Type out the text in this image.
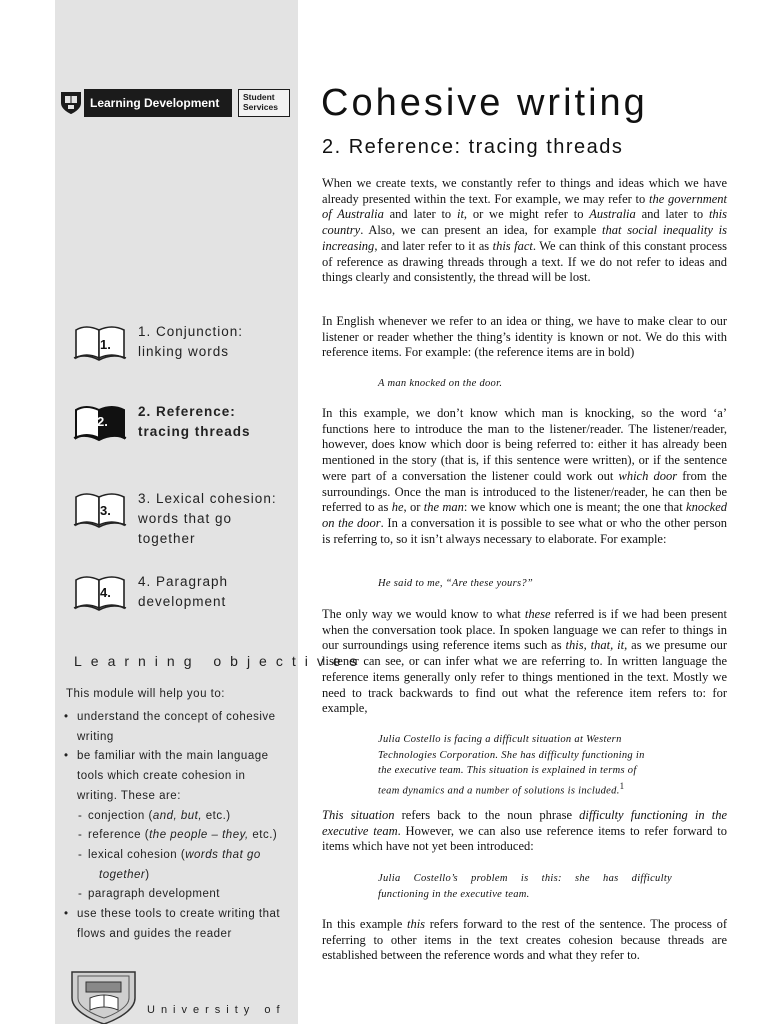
Learning Development	Student
Services
1.
1. Conjunction:
linking words
2.
2. Reference:
tracing threads
3.
3. Lexical cohesion:
words that go
together
4.
4. Paragraph
development
Learning objectives
This module will help you to:
• understand the concept of cohesive
writing
• be familiar with the main language
tools which create cohesion in
writing. These are:
- conjection (and, but, etc.)
- reference (the people – they, etc.)
- lexical cohesion (words that go
together)
- paragraph development
• use these tools to create writing that
flows and guides the reader
University of
Cohesive writing
2. Reference: tracing threads

When we create texts, we constantly refer to things and ideas which we have already presented within the text. For example, we may refer to the government of Australia and later to it, or we might refer to Australia and later to this country. Also, we can present an idea, for example that social inequality is increasing, and later refer to it as this fact. We can think of this constant process of reference as drawing threads through a text. If we do not refer to ideas and things clearly and consistently, the thread will be lost.

In English whenever we refer to an idea or thing, we have to make clear to our listener or reader whether the thing’s identity is known or not. We do this with reference items. For example: (the reference items are in bold)

A man knocked on the door.

In this example, we don’t know which man is knocking, so the word ‘a’ functions here to introduce the man to the listener/reader. The listener/reader, however, does know which door is being referred to: either it has already been mentioned in the story (that is, if this sentence were written), or if the sentence were part of a conversation the listener could work out which door from the surroundings. Once the man is introduced to the listener/reader, he can then be referred to as he, or the man: we know which one is meant; the one that knocked on the door. In a conversation it is possible to see what or who the other person is referring to, so it isn’t always necessary to elaborate. For example:

He said to me, “Are these yours?”

The only way we would know to what these referred is if we had been present when the conversation took place. In spoken language we can refer to things in our surroundings using reference items such as this, that, it, as we presume our listener can see, or can infer what we are referring to. In written language the reference items generally only refer to things mentioned in the text. Mostly we need to track backwards to find out what the reference item refers to: for example,

Julia Costello is facing a difficult situation at Western
Technologies Corporation. She has difficulty functioning in
the executive team. This situation is explained in terms of
team dynamics and a number of solutions is included.$^1$

This situation refers back to the noun phrase difficulty functioning in the executive team. However, we can also use reference items to refer forward to items which have not yet been introduced:

Julia Costello’s problem is this: she has difficulty
functioning in the executive team.

In this example this refers forward to the rest of the sentence. The process of referring to other items in the text creates cohesion because threads are established between the reference words and what they refer to.
